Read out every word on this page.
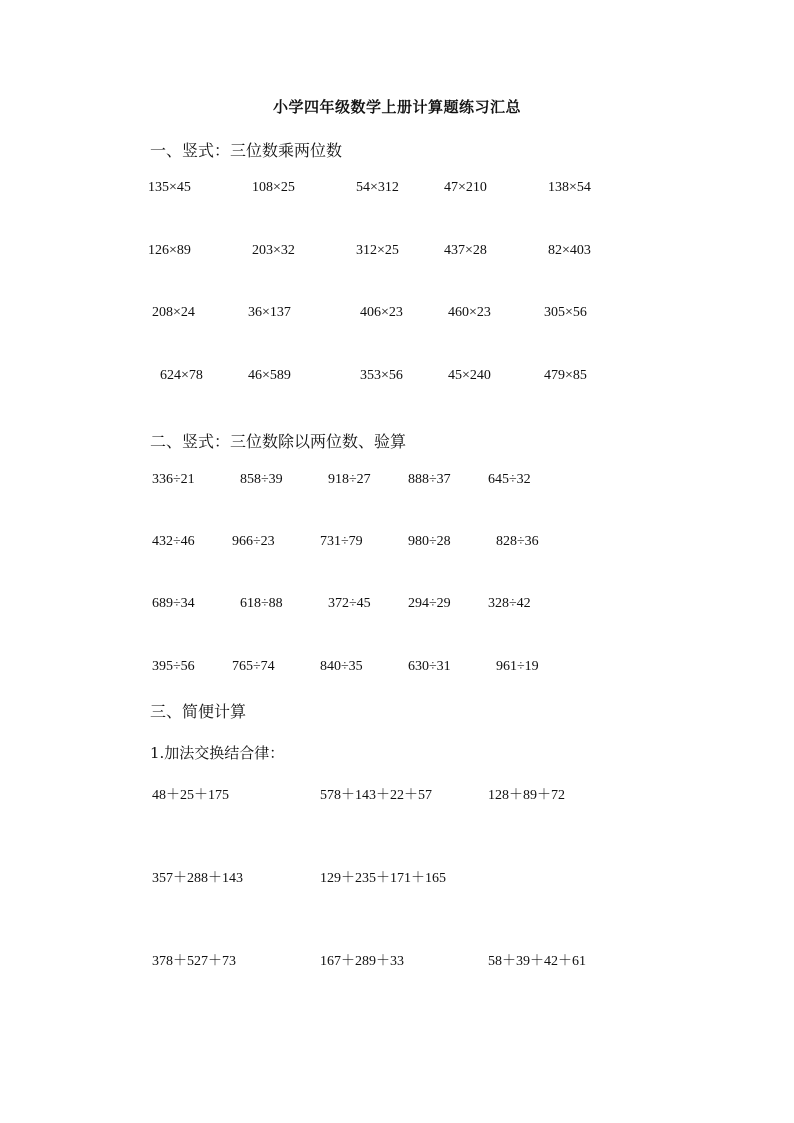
小学四年级数学上册计算题练习汇总
一、竖式：三位数乘两位数
135×45	108×25	54×312	47×210	138×54
126×89	203×32	312×25	437×28	82×403
208×24	36×137	406×23	460×23	305×56
624×78	46×589	353×56	45×240	479×85
二、竖式：三位数除以两位数、验算
336÷21	858÷39	918÷27	888÷37	645÷32
432÷46	966÷23	731÷79	980÷28	828÷36
689÷34	618÷88	372÷45	294÷29	328÷42
395÷56	765÷74	840÷35	630÷31	961÷19
三、简便计算
1.加法交换结合律：
48＋25＋175	578＋143＋22＋57	128＋89＋72
357＋288＋143	129＋235＋171＋165
378＋527＋73	167＋289＋33	58＋39＋42＋61
